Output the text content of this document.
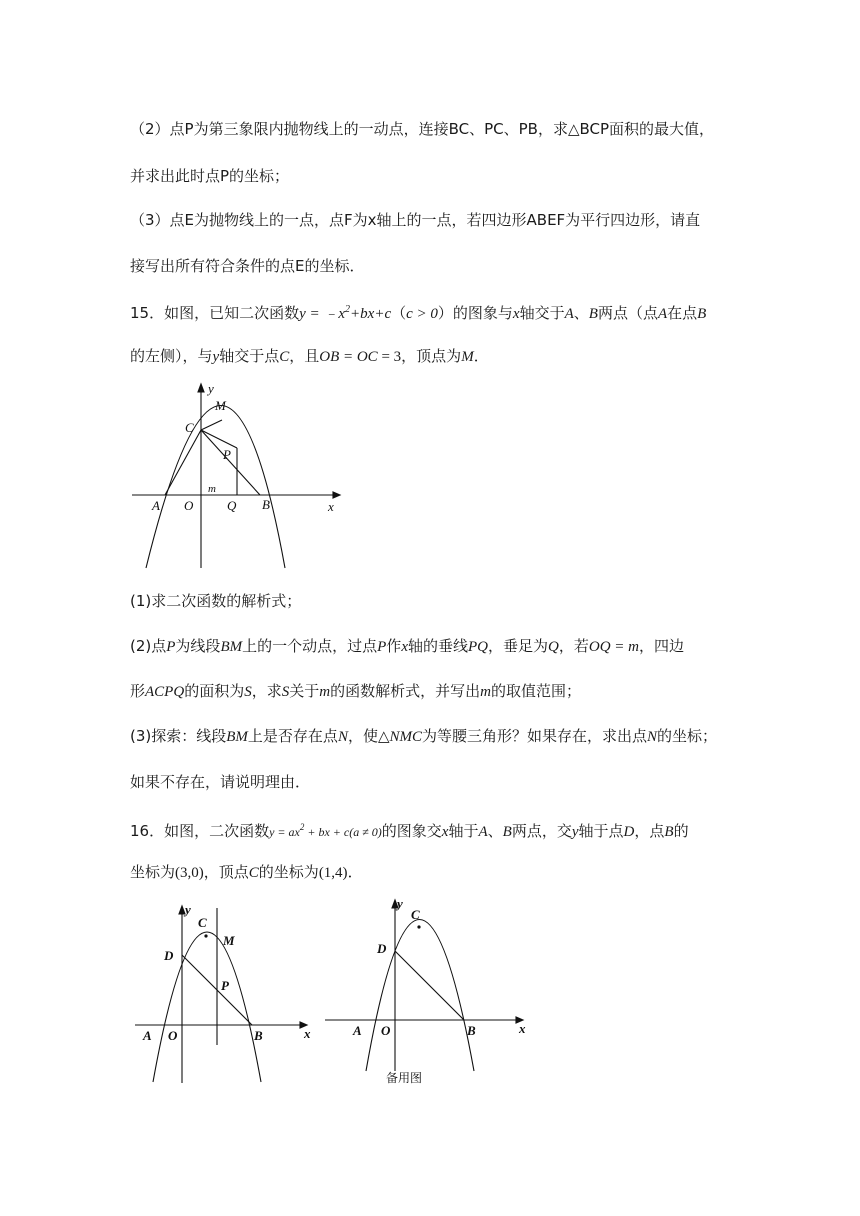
（2）点P为第三象限内抛物线上的一动点，连接BC、PC、PB，求△BCP面积的最大值，
并求出此时点P的坐标；
（3）点E为抛物线上的一点，点F为x轴上的一点，若四边形ABEF为平行四边形，请直
接写出所有符合条件的点E的坐标．
15．如图，已知二次函数$y = ﹣x^2+bx+c(c > 0)$的图象与x轴交于A、B两点（点A在点B
的左侧），与y轴交于点C，且OB = OC = 3，顶点为M．
y
M
C
P
m
A O	Q B	x
(1)求二次函数的解析式；
(2)点P为线段BM上的一个动点，过点P作x轴的垂线PQ，垂足为Q，若OQ = m，四边
形ACPQ的面积为S，求S关于m的函数解析式，并写出m的取值范围；
(3)探索：线段BM上是否存在点N，使△NMC为等腰三角形？如果存在，求出点N的坐标；
如果不存在，请说明理由．
16．如图，二次函数$y = ax^2$ + bx + c(a ≠ 0)的图象交x轴于A、B两点，交y轴于点D，点B的
坐标为(3,0)，顶点C的坐标为(1,4)．
y
C
M
D
P
A O	B	x
y
C
D
A O	B	x
备用图
